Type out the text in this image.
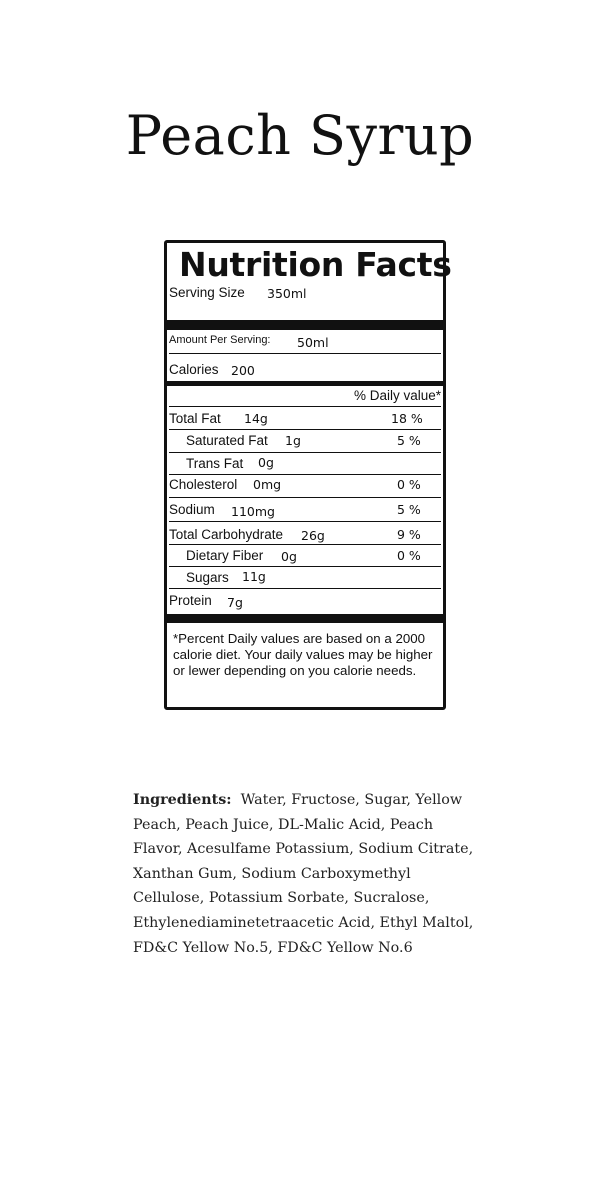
Peach Syrup
Nutrition Facts
Serving Size 350ml
Amount Per Serving: 50ml
Calories 200
% Daily value*
Total Fat 14g	18 %
Saturated Fat 1g	5 %
Trans Fat 0g
Cholesterol 0mg	0 %
Sodium 110mg	5 %
Total Carbohydrate 26g	9 %
Dietary Fiber 0g	0 %
Sugars 11g
Protein 7g
*Percent Daily values are based on a 2000 calorie diet. Your daily values may be higher or lewer depending on you calorie needs.
Ingredients: Water, Fructose, Sugar, Yellow Peach, Peach Juice, DL-Malic Acid, Peach Flavor, Acesulfame Potassium, Sodium Citrate, Xanthan Gum, Sodium Carboxymethyl Cellulose, Potassium Sorbate, Sucralose, Ethylenediaminetetraacetic Acid, Ethyl Maltol, FD&C Yellow No.5, FD&C Yellow No.6
